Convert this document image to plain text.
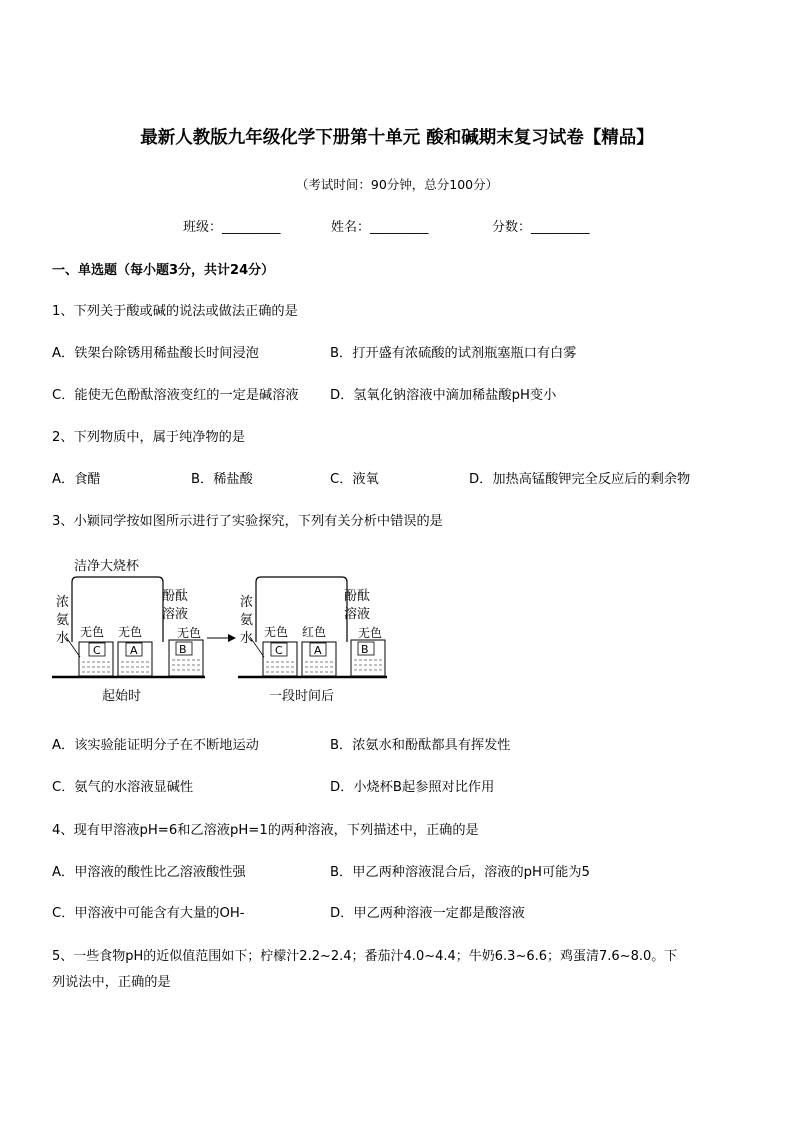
最新人教版九年级化学下册第十单元 酸和碱期末复习试卷【精品】
（考试时间：90分钟，总分100分）
班级：_________	姓名：_________	分数：_________
一、单选题（每小题3分，共计24分）
1、下列关于酸或碱的说法或做法正确的是
A．铁架台除锈用稀盐酸长时间浸泡	B．打开盛有浓硫酸的试剂瓶塞瓶口有白雾
C．能使无色酚酞溶液变红的一定是碱溶液 D．氢氧化钠溶液中滴加稀盐酸pH变小
2、下列物质中，属于纯净物的是
A．食醋	B．稀盐酸	C．液氧	D．加热高锰酸钾完全反应后的剩余物
3、小颖同学按如图所示进行了实验探究，下列有关分析中错误的是
洁净大烧杯
浓
氨
水 无色 无色
酚酞
溶液
无色
C	A	B
起始时
浓
氨
水 无色 红色
酚酞
溶液
无色
C	A	B
一段时间后
A．该实验能证明分子在不断地运动	B．浓氨水和酚酞都具有挥发性
C．氨气的水溶液显碱性	D．小烧杯B起参照对比作用
4、现有甲溶液pH=6和乙溶液pH=1的两种溶液，下列描述中，正确的是
A．甲溶液的酸性比乙溶液酸性强	B．甲乙两种溶液混合后，溶液的pH可能为5
C．甲溶液中可能含有大量的OH-	D．甲乙两种溶液一定都是酸溶液
5、一些食物pH的近似值范围如下；柠檬汁2.2~2.4；番茄汁4.0~4.4；牛奶6.3~6.6；鸡蛋清7.6~8.0。下
列说法中，正确的是
